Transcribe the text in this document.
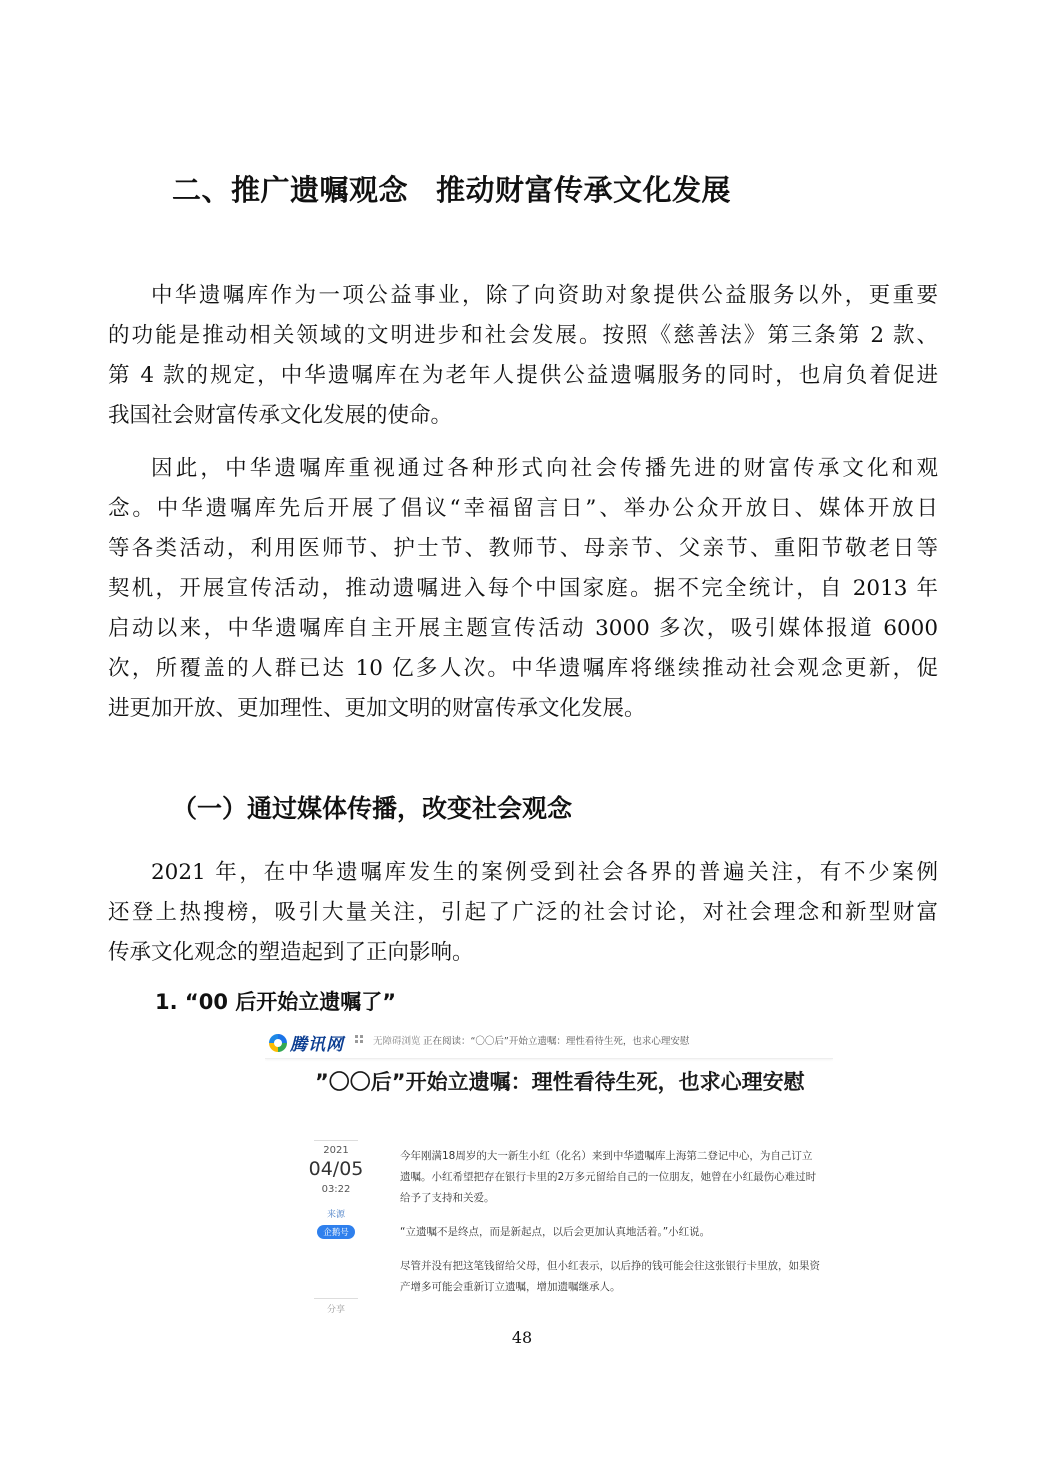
二、推广遗嘱观念 推动财富传承文化发展
中华遗嘱库作为一项公益事业，除了向资助对象提供公益服务以外，更重要
的功能是推动相关领域的文明进步和社会发展。按照《慈善法》第三条第 2 款、
第 4 款的规定，中华遗嘱库在为老年人提供公益遗嘱服务的同时，也肩负着促进
我国社会财富传承文化发展的使命。
因此，中华遗嘱库重视通过各种形式向社会传播先进的财富传承文化和观
念。中华遗嘱库先后开展了倡议“幸福留言日”、举办公众开放日、媒体开放日
等各类活动，利用医师节、护士节、教师节、母亲节、父亲节、重阳节敬老日等
契机，开展宣传活动，推动遗嘱进入每个中国家庭。据不完全统计，自 2013 年
启动以来，中华遗嘱库自主开展主题宣传活动 3000 多次，吸引媒体报道 6000
次，所覆盖的人群已达 10 亿多人次。中华遗嘱库将继续推动社会观念更新，促
进更加开放、更加理性、更加文明的财富传承文化发展。
（一）通过媒体传播，改变社会观念
2021 年，在中华遗嘱库发生的案例受到社会各界的普遍关注，有不少案例
还登上热搜榜，吸引大量关注，引起了广泛的社会讨论，对社会理念和新型财富
传承文化观念的塑造起到了正向影响。
1. “00 后开始立遗嘱了”
腾讯网	无障碍浏览 正在阅读：“〇〇后”开始立遗嘱：理性看待生死，也求心理安慰
”〇〇后”开始立遗嘱：理性看待生死，也求心理安慰
2021
04/05
03:22
来源
企鹅号
分享

今年刚满18周岁的大一新生小红（化名）来到中华遗嘱库上海第二登记中心，为自己订立遗嘱。小红希望把存在银行卡里的2万多元留给自己的一位朋友，她曾在小红最伤心难过时给予了支持和关爱。

“立遗嘱不是终点，而是新起点，以后会更加认真地活着。”小红说。

尽管并没有把这笔钱留给父母，但小红表示，以后挣的钱可能会往这张银行卡里放，如果资产增多可能会重新订立遗嘱，增加遗嘱继承人。

48
